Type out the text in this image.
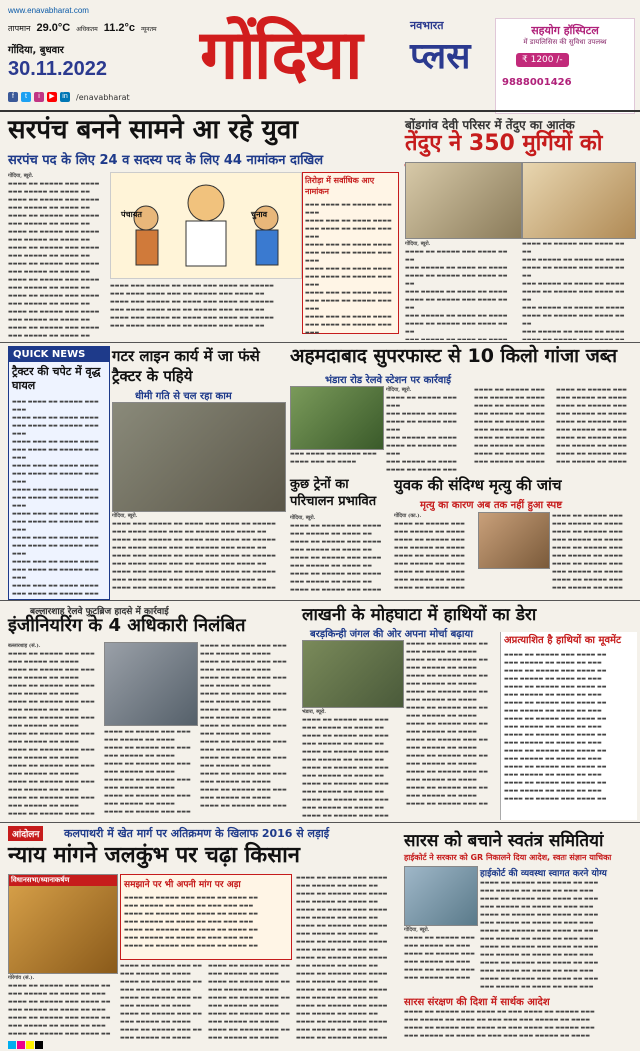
www.enavabharat.com
तापमान 29.0°C अधिकतम 11.2°c न्यूनतम
गोंदिया, बुधवार
30.11.2022
f	t	i	▶	in /enavabharat
गोंदिया	नवभारत
प्लस
सहयोग हॉस्पिटल
में डायलिसिस की सुविधा उपलब्ध
₹ 1200 /-
9888001426
सरपंच बनने सामने आ रहे युवा
सरपंच पद के लिए 24 व सदस्य पद के लिए 44 नामांकन दाखिल
गोंदिया, ब्यूरो.
▬▬▬▬ ▬▬ ▬▬▬▬▬ ▬▬▬ ▬▬▬▬
▬▬▬ ▬▬▬▬▬ ▬▬ ▬▬▬▬ ▬▬
▬▬▬▬ ▬▬ ▬▬▬▬▬ ▬▬▬ ▬▬▬▬
▬▬▬ ▬▬▬▬▬ ▬▬ ▬▬▬▬ ▬▬
▬▬▬▬ ▬▬ ▬▬▬▬▬ ▬▬▬ ▬▬▬▬
▬▬▬ ▬▬▬▬▬ ▬▬ ▬▬▬▬ ▬▬
▬▬▬▬ ▬▬ ▬▬▬▬▬ ▬▬▬ ▬▬▬▬
▬▬▬ ▬▬▬▬▬ ▬▬ ▬▬▬▬ ▬▬
▬▬▬▬ ▬▬ ▬▬▬▬▬ ▬▬▬ ▬▬▬▬
▬▬▬ ▬▬▬▬▬ ▬▬ ▬▬▬▬ ▬▬
▬▬▬▬ ▬▬ ▬▬▬▬▬ ▬▬▬ ▬▬▬▬
▬▬▬ ▬▬▬▬▬ ▬▬ ▬▬▬▬ ▬▬
▬▬▬▬ ▬▬ ▬▬▬▬▬ ▬▬▬ ▬▬▬▬
▬▬▬ ▬▬▬▬▬ ▬▬ ▬▬▬▬ ▬▬
▬▬▬▬ ▬▬ ▬▬▬▬▬ ▬▬▬ ▬▬▬▬
▬▬▬ ▬▬▬▬▬ ▬▬ ▬▬▬▬ ▬▬
▬▬▬▬ ▬▬ ▬▬▬▬▬ ▬▬▬ ▬▬▬▬
▬▬▬ ▬▬▬▬▬ ▬▬ ▬▬▬▬ ▬▬
▬▬▬▬ ▬▬ ▬▬▬▬▬ ▬▬▬ ▬▬▬▬
▬▬▬ ▬▬▬▬▬ ▬▬ ▬▬▬▬ ▬▬
पंचायत	चुनाव
तिरोड़ा में सर्वाधिक आए नामांकन
▬▬▬ ▬▬▬▬ ▬▬ ▬▬▬▬▬ ▬▬▬ ▬▬▬
▬▬▬▬ ▬▬▬ ▬▬ ▬▬▬▬ ▬▬▬▬
▬▬▬ ▬▬▬▬ ▬▬ ▬▬▬▬▬ ▬▬▬ ▬▬▬
▬▬▬▬ ▬▬▬ ▬▬ ▬▬▬▬ ▬▬▬▬
▬▬▬ ▬▬▬▬ ▬▬ ▬▬▬▬▬ ▬▬▬ ▬▬▬
▬▬▬▬ ▬▬▬ ▬▬ ▬▬▬▬ ▬▬▬▬
▬▬▬ ▬▬▬▬ ▬▬ ▬▬▬▬▬ ▬▬▬ ▬▬▬
▬▬▬▬ ▬▬▬ ▬▬ ▬▬▬▬ ▬▬▬▬
▬▬▬ ▬▬▬▬ ▬▬ ▬▬▬▬▬ ▬▬▬ ▬▬▬
▬▬▬▬ ▬▬▬ ▬▬ ▬▬▬▬ ▬▬▬▬
▬▬▬ ▬▬▬▬ ▬▬ ▬▬▬▬▬ ▬▬▬ ▬▬▬
▬▬▬▬ ▬▬▬ ▬▬▬▬▬ ▬▬ ▬▬▬▬ ▬▬▬ ▬▬▬▬ ▬▬ ▬▬▬▬▬
▬▬▬ ▬▬▬▬ ▬▬▬▬ ▬▬▬ ▬▬ ▬▬▬▬▬ ▬▬▬ ▬▬▬▬ ▬▬
▬▬▬▬ ▬▬▬ ▬▬▬▬▬ ▬▬ ▬▬▬▬ ▬▬▬ ▬▬▬▬ ▬▬ ▬▬▬▬▬
▬▬▬ ▬▬▬▬ ▬▬▬▬ ▬▬▬ ▬▬ ▬▬▬▬▬ ▬▬▬ ▬▬▬▬ ▬▬
▬▬▬▬ ▬▬▬ ▬▬▬▬▬ ▬▬ ▬▬▬▬ ▬▬▬ ▬▬▬▬ ▬▬ ▬▬▬▬▬
▬▬▬ ▬▬▬▬ ▬▬▬▬ ▬▬▬ ▬▬ ▬▬▬▬▬ ▬▬▬ ▬▬▬▬ ▬▬
बोंडगांव देवी परिसर में तेंदुए का आतंक
तेंदुए ने 350 मुर्गियों को
गोंदिया, ब्यूरो.
▬▬▬▬ ▬▬ ▬▬▬▬▬ ▬▬▬ ▬▬▬▬ ▬▬ ▬▬
▬▬▬ ▬▬▬▬▬ ▬▬ ▬▬▬▬ ▬▬ ▬▬▬▬
▬▬▬▬ ▬▬ ▬▬▬▬▬ ▬▬▬ ▬▬▬▬ ▬▬ ▬▬
▬▬▬ ▬▬▬▬▬ ▬▬ ▬▬▬▬ ▬▬ ▬▬▬▬
▬▬▬▬ ▬▬ ▬▬▬▬▬ ▬▬▬ ▬▬▬▬ ▬▬ ▬▬
▬▬▬ ▬▬▬▬▬ ▬▬ ▬▬▬▬ ▬▬ ▬▬▬▬
▬▬▬▬ ▬▬ ▬▬▬▬▬ ▬▬▬ ▬▬▬▬ ▬▬ ▬▬
▬▬▬ ▬▬▬▬▬ ▬▬ ▬▬▬▬ ▬▬ ▬▬▬▬
▬▬▬▬ ▬▬ ▬▬▬▬▬ ▬▬▬ ▬▬▬▬ ▬▬ ▬▬
▬▬▬ ▬▬▬▬▬ ▬▬ ▬▬▬▬ ▬▬ ▬▬▬▬
▬▬▬▬ ▬▬ ▬▬▬▬▬ ▬▬▬ ▬▬▬▬ ▬▬ ▬▬
▬▬▬ ▬▬▬▬▬ ▬▬ ▬▬▬▬ ▬▬ ▬▬▬▬
▬▬▬▬ ▬▬ ▬▬▬▬▬ ▬▬▬ ▬▬▬▬ ▬▬ ▬▬
▬▬▬ ▬▬▬▬▬ ▬▬ ▬▬▬▬ ▬▬ ▬▬▬▬
▬▬▬▬ ▬▬ ▬▬▬▬▬ ▬▬▬ ▬▬▬▬ ▬▬ ▬▬
▬▬▬ ▬▬▬▬▬ ▬▬ ▬▬▬▬ ▬▬ ▬▬▬▬
▬▬▬▬ ▬▬ ▬▬▬▬▬ ▬▬▬ ▬▬▬▬ ▬▬
QUICK NEWS
ट्रैक्टर की चपेट में वृद्ध घायल
▬▬▬ ▬▬▬▬ ▬▬ ▬▬▬▬▬ ▬▬▬ ▬▬▬
▬▬▬▬ ▬▬▬ ▬▬ ▬▬▬▬ ▬▬▬▬
▬▬▬ ▬▬▬▬ ▬▬ ▬▬▬▬▬ ▬▬▬ ▬▬▬
▬▬▬▬ ▬▬▬ ▬▬ ▬▬▬▬ ▬▬▬▬
▬▬▬ ▬▬▬▬ ▬▬ ▬▬▬▬▬ ▬▬▬ ▬▬▬
▬▬▬▬ ▬▬▬ ▬▬ ▬▬▬▬ ▬▬▬▬
▬▬▬ ▬▬▬▬ ▬▬ ▬▬▬▬▬ ▬▬▬ ▬▬▬
▬▬▬▬ ▬▬▬ ▬▬ ▬▬▬▬ ▬▬▬▬
▬▬▬ ▬▬▬▬ ▬▬ ▬▬▬▬▬ ▬▬▬ ▬▬▬
▬▬▬▬ ▬▬▬ ▬▬ ▬▬▬▬ ▬▬▬▬
▬▬▬ ▬▬▬▬ ▬▬ ▬▬▬▬▬ ▬▬▬ ▬▬▬
▬▬▬▬ ▬▬▬ ▬▬ ▬▬▬▬ ▬▬▬▬
▬▬▬ ▬▬▬▬ ▬▬ ▬▬▬▬▬ ▬▬▬ ▬▬▬
▬▬▬▬ ▬▬▬ ▬▬ ▬▬▬▬ ▬▬▬▬
▬▬▬ ▬▬▬▬ ▬▬ ▬▬▬▬▬ ▬▬▬ ▬▬▬
▬▬▬▬ ▬▬▬ ▬▬ ▬▬▬▬ ▬▬▬▬
▬▬▬ ▬▬▬▬ ▬▬ ▬▬▬▬▬ ▬▬▬
गटर लाइन कार्य में जा फंसे ट्रैक्टर के पहिये
धीमी गति से चल रहा काम
गोंदिया, ब्यूरो.
▬▬▬▬ ▬▬▬ ▬▬▬▬▬ ▬▬ ▬▬▬▬ ▬▬▬ ▬▬▬▬ ▬▬ ▬▬▬▬▬
▬▬▬ ▬▬▬▬ ▬▬▬▬ ▬▬▬ ▬▬ ▬▬▬▬▬ ▬▬▬ ▬▬▬▬ ▬▬
▬▬▬▬ ▬▬▬ ▬▬▬▬▬ ▬▬ ▬▬▬▬ ▬▬▬ ▬▬▬▬ ▬▬ ▬▬▬▬▬
▬▬▬ ▬▬▬▬ ▬▬▬▬ ▬▬▬ ▬▬ ▬▬▬▬▬ ▬▬▬ ▬▬▬▬ ▬▬
▬▬▬▬ ▬▬▬ ▬▬▬▬▬ ▬▬ ▬▬▬▬ ▬▬▬ ▬▬▬▬ ▬▬ ▬▬▬▬▬
▬▬▬ ▬▬▬▬ ▬▬▬▬ ▬▬▬ ▬▬ ▬▬▬▬▬ ▬▬▬ ▬▬▬▬ ▬▬
▬▬▬▬ ▬▬▬ ▬▬▬▬▬ ▬▬ ▬▬▬▬ ▬▬▬ ▬▬▬▬ ▬▬ ▬▬▬▬▬
▬▬▬ ▬▬▬▬ ▬▬▬▬ ▬▬▬ ▬▬ ▬▬▬▬▬ ▬▬▬ ▬▬▬▬ ▬▬
▬▬▬▬ ▬▬▬ ▬▬▬▬▬ ▬▬ ▬▬▬▬ ▬▬▬ ▬▬▬▬ ▬▬ ▬▬▬▬▬
अहमदाबाद सुपरफास्ट से 10 किलो गांजा जब्त
भंडारा रोड रेलवे स्टेशन पर कार्रवाई
▬▬▬ ▬▬▬▬ ▬▬ ▬▬▬▬▬ ▬▬▬
▬▬▬▬ ▬▬▬ ▬▬ ▬▬▬▬
गोंदिया, ब्यूरो.
▬▬▬▬ ▬▬ ▬▬▬▬▬ ▬▬▬ ▬▬▬
▬▬▬ ▬▬▬▬▬ ▬▬ ▬▬▬▬
▬▬▬▬ ▬▬ ▬▬▬▬▬ ▬▬▬ ▬▬▬
▬▬▬ ▬▬▬▬▬ ▬▬ ▬▬▬▬
▬▬▬▬ ▬▬ ▬▬▬▬▬ ▬▬▬ ▬▬▬
▬▬▬ ▬▬▬▬▬ ▬▬ ▬▬▬▬
▬▬▬▬ ▬▬ ▬▬▬▬▬ ▬▬▬
▬▬▬▬ ▬▬ ▬▬▬▬▬ ▬▬▬
▬▬▬ ▬▬▬▬▬ ▬▬ ▬▬▬▬
▬▬▬▬ ▬▬ ▬▬▬▬▬ ▬▬▬
▬▬▬ ▬▬▬▬▬ ▬▬ ▬▬▬▬
▬▬▬▬ ▬▬ ▬▬▬▬▬ ▬▬▬
▬▬▬ ▬▬▬▬▬ ▬▬ ▬▬▬▬
▬▬▬▬ ▬▬ ▬▬▬▬▬ ▬▬▬
▬▬▬ ▬▬▬▬▬ ▬▬ ▬▬▬▬
▬▬▬▬ ▬▬ ▬▬▬▬▬ ▬▬▬
▬▬▬ ▬▬▬▬▬ ▬▬ ▬▬▬▬
▬▬▬▬ ▬▬ ▬▬▬▬▬ ▬▬▬
▬▬▬ ▬▬▬▬▬ ▬▬ ▬▬▬▬
▬▬▬▬ ▬▬ ▬▬▬▬▬ ▬▬▬
▬▬▬ ▬▬▬▬▬ ▬▬ ▬▬▬▬
▬▬▬▬ ▬▬ ▬▬▬▬▬ ▬▬▬
▬▬▬ ▬▬▬▬▬ ▬▬ ▬▬▬▬
▬▬▬▬ ▬▬ ▬▬▬▬▬ ▬▬▬
▬▬▬ ▬▬▬▬▬ ▬▬ ▬▬▬▬
▬▬▬▬ ▬▬ ▬▬▬▬▬ ▬▬▬
▬▬▬ ▬▬▬▬▬ ▬▬ ▬▬▬▬
कुछ ट्रेनों का परिचालन प्रभावित
गोंदिया, ब्यूरो.
▬▬▬▬ ▬▬ ▬▬▬▬▬ ▬▬▬ ▬▬▬▬
▬▬▬ ▬▬▬▬▬ ▬▬ ▬▬▬▬ ▬▬
▬▬▬▬ ▬▬ ▬▬▬▬▬ ▬▬▬ ▬▬▬▬
▬▬▬ ▬▬▬▬▬ ▬▬ ▬▬▬▬ ▬▬
▬▬▬▬ ▬▬ ▬▬▬▬▬ ▬▬▬ ▬▬▬▬
▬▬▬ ▬▬▬▬▬ ▬▬ ▬▬▬▬ ▬▬
▬▬▬▬ ▬▬ ▬▬▬▬▬ ▬▬▬ ▬▬▬▬
▬▬▬ ▬▬▬▬▬ ▬▬ ▬▬▬▬ ▬▬
▬▬▬▬ ▬▬ ▬▬▬▬▬ ▬▬▬ ▬▬▬▬
युवक की संदिग्ध मृत्यु की जांच
मृत्यु का कारण अब तक नहीं हुआ स्पष्ट
गोंदिया (का.).
▬▬▬▬ ▬▬ ▬▬▬▬▬ ▬▬▬
▬▬▬ ▬▬▬▬▬ ▬▬ ▬▬▬▬
▬▬▬▬ ▬▬ ▬▬▬▬▬ ▬▬▬
▬▬▬ ▬▬▬▬▬ ▬▬ ▬▬▬▬
▬▬▬▬ ▬▬ ▬▬▬▬▬ ▬▬▬
▬▬▬ ▬▬▬▬▬ ▬▬ ▬▬▬▬
▬▬▬▬ ▬▬ ▬▬▬▬▬ ▬▬▬
▬▬▬ ▬▬▬▬▬ ▬▬ ▬▬▬▬
▬▬▬▬ ▬▬ ▬▬▬▬▬ ▬▬▬
▬▬▬▬ ▬▬ ▬▬▬▬▬ ▬▬▬
▬▬▬ ▬▬▬▬▬ ▬▬ ▬▬▬▬
▬▬▬▬ ▬▬ ▬▬▬▬▬ ▬▬▬
▬▬▬ ▬▬▬▬▬ ▬▬ ▬▬▬▬
▬▬▬▬ ▬▬ ▬▬▬▬▬ ▬▬▬
▬▬▬ ▬▬▬▬▬ ▬▬ ▬▬▬▬
▬▬▬▬ ▬▬ ▬▬▬▬▬ ▬▬▬
▬▬▬ ▬▬▬▬▬ ▬▬ ▬▬▬▬
▬▬▬▬ ▬▬ ▬▬▬▬▬ ▬▬▬
▬▬▬ ▬▬▬▬▬ ▬▬ ▬▬▬▬
बल्लारशाह रेलवे फुटब्रिज हादसे में कार्रवाई
इंजीनियरिंग के 4 अधिकारी निलंबित
बल्लारशाह (सं.).
▬▬▬▬ ▬▬ ▬▬▬▬▬ ▬▬▬ ▬▬▬
▬▬▬ ▬▬▬▬▬ ▬▬ ▬▬▬▬
▬▬▬▬ ▬▬ ▬▬▬▬▬ ▬▬▬ ▬▬▬
▬▬▬ ▬▬▬▬▬ ▬▬ ▬▬▬▬
▬▬▬▬ ▬▬ ▬▬▬▬▬ ▬▬▬ ▬▬▬
▬▬▬ ▬▬▬▬▬ ▬▬ ▬▬▬▬
▬▬▬▬ ▬▬ ▬▬▬▬▬ ▬▬▬ ▬▬▬
▬▬▬ ▬▬▬▬▬ ▬▬ ▬▬▬▬
▬▬▬▬ ▬▬ ▬▬▬▬▬ ▬▬▬ ▬▬▬
▬▬▬ ▬▬▬▬▬ ▬▬ ▬▬▬▬
▬▬▬▬ ▬▬ ▬▬▬▬▬ ▬▬▬ ▬▬▬
▬▬▬ ▬▬▬▬▬ ▬▬ ▬▬▬▬
▬▬▬▬ ▬▬ ▬▬▬▬▬ ▬▬▬ ▬▬▬
▬▬▬ ▬▬▬▬▬ ▬▬ ▬▬▬▬
▬▬▬▬ ▬▬ ▬▬▬▬▬ ▬▬▬ ▬▬▬
▬▬▬ ▬▬▬▬▬ ▬▬ ▬▬▬▬
▬▬▬▬ ▬▬ ▬▬▬▬▬ ▬▬▬ ▬▬▬
▬▬▬ ▬▬▬▬▬ ▬▬ ▬▬▬▬
▬▬▬▬ ▬▬ ▬▬▬▬▬ ▬▬▬ ▬▬▬
▬▬▬ ▬▬▬▬▬ ▬▬ ▬▬▬▬
▬▬▬▬ ▬▬ ▬▬▬▬▬ ▬▬▬ ▬▬▬
▬▬▬▬ ▬▬ ▬▬▬▬▬ ▬▬▬ ▬▬▬
▬▬▬ ▬▬▬▬▬ ▬▬ ▬▬▬▬
▬▬▬▬ ▬▬ ▬▬▬▬▬ ▬▬▬ ▬▬▬
▬▬▬ ▬▬▬▬▬ ▬▬ ▬▬▬▬
▬▬▬▬ ▬▬ ▬▬▬▬▬ ▬▬▬ ▬▬▬
▬▬▬ ▬▬▬▬▬ ▬▬ ▬▬▬▬
▬▬▬▬ ▬▬ ▬▬▬▬▬ ▬▬▬ ▬▬▬
▬▬▬ ▬▬▬▬▬ ▬▬ ▬▬▬▬
▬▬▬▬ ▬▬ ▬▬▬▬▬ ▬▬▬ ▬▬▬
▬▬▬ ▬▬▬▬▬ ▬▬ ▬▬▬▬
▬▬▬▬ ▬▬ ▬▬▬▬▬ ▬▬▬ ▬▬▬
▬▬▬▬ ▬▬ ▬▬▬▬▬ ▬▬▬ ▬▬▬
▬▬▬ ▬▬▬▬▬ ▬▬ ▬▬▬▬
▬▬▬▬ ▬▬ ▬▬▬▬▬ ▬▬▬ ▬▬▬
▬▬▬ ▬▬▬▬▬ ▬▬ ▬▬▬▬
▬▬▬▬ ▬▬ ▬▬▬▬▬ ▬▬▬ ▬▬▬
▬▬▬ ▬▬▬▬▬ ▬▬ ▬▬▬▬
▬▬▬▬ ▬▬ ▬▬▬▬▬ ▬▬▬ ▬▬▬
▬▬▬ ▬▬▬▬▬ ▬▬ ▬▬▬▬
▬▬▬▬ ▬▬ ▬▬▬▬▬ ▬▬▬ ▬▬▬
▬▬▬ ▬▬▬▬▬ ▬▬ ▬▬▬▬
▬▬▬▬ ▬▬ ▬▬▬▬▬ ▬▬▬ ▬▬▬
▬▬▬ ▬▬▬▬▬ ▬▬ ▬▬▬▬
▬▬▬▬ ▬▬ ▬▬▬▬▬ ▬▬▬ ▬▬▬
▬▬▬ ▬▬▬▬▬ ▬▬ ▬▬▬▬
▬▬▬▬ ▬▬ ▬▬▬▬▬ ▬▬▬ ▬▬▬
▬▬▬ ▬▬▬▬▬ ▬▬ ▬▬▬▬
▬▬▬▬ ▬▬ ▬▬▬▬▬ ▬▬▬ ▬▬▬
▬▬▬ ▬▬▬▬▬ ▬▬ ▬▬▬▬
▬▬▬▬ ▬▬ ▬▬▬▬▬ ▬▬▬ ▬▬▬
▬▬▬ ▬▬▬▬▬ ▬▬ ▬▬▬▬
▬▬▬▬ ▬▬ ▬▬▬▬▬ ▬▬▬ ▬▬▬
लाखनी के मोहघाटा में हाथियों का डेरा
बरड़किन्ही जंगल की ओर अपना मोर्चा बढ़ाया
भंडारा, ब्यूरो.
▬▬▬▬ ▬▬ ▬▬▬▬▬ ▬▬▬ ▬▬▬
▬▬▬ ▬▬▬▬▬ ▬▬ ▬▬▬▬ ▬▬
▬▬▬▬ ▬▬ ▬▬▬▬▬ ▬▬▬ ▬▬▬
▬▬▬ ▬▬▬▬▬ ▬▬ ▬▬▬▬ ▬▬
▬▬▬▬ ▬▬ ▬▬▬▬▬ ▬▬▬ ▬▬▬
▬▬▬ ▬▬▬▬▬ ▬▬ ▬▬▬▬ ▬▬
▬▬▬▬ ▬▬ ▬▬▬▬▬ ▬▬▬ ▬▬▬
▬▬▬ ▬▬▬▬▬ ▬▬ ▬▬▬▬ ▬▬
▬▬▬▬ ▬▬ ▬▬▬▬▬ ▬▬▬ ▬▬▬
▬▬▬ ▬▬▬▬▬ ▬▬ ▬▬▬▬ ▬▬
▬▬▬▬ ▬▬ ▬▬▬▬▬ ▬▬▬ ▬▬▬
▬▬▬ ▬▬▬▬▬ ▬▬ ▬▬▬▬ ▬▬
▬▬▬▬ ▬▬ ▬▬▬▬▬ ▬▬▬ ▬▬▬
▬▬▬▬ ▬▬ ▬▬▬▬▬ ▬▬▬ ▬▬
▬▬▬ ▬▬▬▬▬ ▬▬ ▬▬▬▬
▬▬▬▬ ▬▬ ▬▬▬▬▬ ▬▬▬ ▬▬
▬▬▬ ▬▬▬▬▬ ▬▬ ▬▬▬▬
▬▬▬▬ ▬▬ ▬▬▬▬▬ ▬▬▬ ▬▬
▬▬▬ ▬▬▬▬▬ ▬▬ ▬▬▬▬
▬▬▬▬ ▬▬ ▬▬▬▬▬ ▬▬▬ ▬▬
▬▬▬ ▬▬▬▬▬ ▬▬ ▬▬▬▬
▬▬▬▬ ▬▬ ▬▬▬▬▬ ▬▬▬ ▬▬
▬▬▬ ▬▬▬▬▬ ▬▬ ▬▬▬▬
▬▬▬▬ ▬▬ ▬▬▬▬▬ ▬▬▬ ▬▬
▬▬▬ ▬▬▬▬▬ ▬▬ ▬▬▬▬
▬▬▬▬ ▬▬ ▬▬▬▬▬ ▬▬▬ ▬▬
▬▬▬ ▬▬▬▬▬ ▬▬ ▬▬▬▬
▬▬▬▬ ▬▬ ▬▬▬▬▬ ▬▬▬ ▬▬
▬▬▬ ▬▬▬▬▬ ▬▬ ▬▬▬▬
▬▬▬▬ ▬▬ ▬▬▬▬▬ ▬▬▬ ▬▬
▬▬▬ ▬▬▬▬▬ ▬▬ ▬▬▬▬
▬▬▬▬ ▬▬ ▬▬▬▬▬ ▬▬▬ ▬▬
▬▬▬ ▬▬▬▬▬ ▬▬ ▬▬▬▬
▬▬▬▬ ▬▬ ▬▬▬▬▬ ▬▬▬ ▬▬
अप्रत्याशित है हाथियों का मूवमेंट
▬▬▬▬ ▬▬ ▬▬▬▬▬ ▬▬▬ ▬▬▬▬ ▬▬
▬▬▬ ▬▬▬▬▬ ▬▬ ▬▬▬▬ ▬▬ ▬▬▬
▬▬▬▬ ▬▬ ▬▬▬▬▬ ▬▬▬ ▬▬▬▬ ▬▬
▬▬▬ ▬▬▬▬▬ ▬▬ ▬▬▬▬ ▬▬ ▬▬▬
▬▬▬▬ ▬▬ ▬▬▬▬▬ ▬▬▬ ▬▬▬▬ ▬▬
▬▬▬ ▬▬▬▬▬ ▬▬ ▬▬▬▬ ▬▬ ▬▬▬
▬▬▬▬ ▬▬ ▬▬▬▬▬ ▬▬▬ ▬▬▬▬ ▬▬
▬▬▬ ▬▬▬▬▬ ▬▬ ▬▬▬▬ ▬▬ ▬▬▬
▬▬▬▬ ▬▬ ▬▬▬▬▬ ▬▬▬ ▬▬▬▬ ▬▬
▬▬▬ ▬▬▬▬▬ ▬▬ ▬▬▬▬ ▬▬ ▬▬▬
▬▬▬▬ ▬▬ ▬▬▬▬▬ ▬▬▬ ▬▬▬▬ ▬▬
▬▬▬ ▬▬▬▬▬ ▬▬ ▬▬▬▬ ▬▬ ▬▬▬
▬▬▬▬ ▬▬ ▬▬▬▬▬ ▬▬▬ ▬▬▬▬ ▬▬
▬▬▬ ▬▬▬▬▬ ▬▬ ▬▬▬▬ ▬▬ ▬▬▬
▬▬▬▬ ▬▬ ▬▬▬▬▬ ▬▬▬ ▬▬▬▬ ▬▬
▬▬▬ ▬▬▬▬▬ ▬▬ ▬▬▬▬ ▬▬ ▬▬▬
▬▬▬▬ ▬▬ ▬▬▬▬▬ ▬▬▬ ▬▬▬▬ ▬▬
▬▬▬ ▬▬▬▬▬ ▬▬ ▬▬▬▬ ▬▬ ▬▬▬
▬▬▬▬ ▬▬ ▬▬▬▬▬ ▬▬▬ ▬▬▬▬ ▬▬
आंदोलन	कलपाथरी में खेत मार्ग पर अतिक्रमण के खिलाफ 2016 से लड़ाई
न्याय मांगने जलकुंभ पर चढ़ा किसान
विधानसभा/ध्यानाकर्षण
गोरेगांव (सं.).
▬▬▬▬ ▬▬ ▬▬▬▬▬ ▬▬▬ ▬▬▬▬ ▬▬
▬▬▬ ▬▬▬▬▬ ▬▬ ▬▬▬▬ ▬▬ ▬▬▬
▬▬▬▬ ▬▬ ▬▬▬▬▬ ▬▬▬ ▬▬▬▬ ▬▬
▬▬▬ ▬▬▬▬▬ ▬▬ ▬▬▬▬ ▬▬ ▬▬▬
▬▬▬▬ ▬▬ ▬▬▬▬▬ ▬▬▬ ▬▬▬▬ ▬▬
▬▬▬ ▬▬▬▬▬ ▬▬ ▬▬▬▬ ▬▬ ▬▬▬
▬▬▬▬ ▬▬ ▬▬▬▬▬ ▬▬▬ ▬▬▬▬ ▬▬
समझाने पर भी अपनी मांग पर अड़ा
▬▬▬▬ ▬▬ ▬▬▬▬▬ ▬▬▬ ▬▬▬▬ ▬▬ ▬▬▬▬ ▬▬
▬▬▬ ▬▬▬▬▬ ▬▬ ▬▬▬▬ ▬▬ ▬▬▬ ▬▬▬ ▬▬▬
▬▬▬▬ ▬▬ ▬▬▬▬▬ ▬▬▬ ▬▬▬▬ ▬▬ ▬▬▬▬ ▬▬
▬▬▬ ▬▬▬▬▬ ▬▬ ▬▬▬▬ ▬▬ ▬▬▬ ▬▬▬ ▬▬▬
▬▬▬▬ ▬▬ ▬▬▬▬▬ ▬▬▬ ▬▬▬▬ ▬▬ ▬▬▬▬ ▬▬
▬▬▬ ▬▬▬▬▬ ▬▬ ▬▬▬▬ ▬▬ ▬▬▬ ▬▬▬ ▬▬▬
▬▬▬▬ ▬▬ ▬▬▬▬▬ ▬▬▬ ▬▬▬▬ ▬▬ ▬▬▬▬ ▬▬
▬▬▬▬ ▬▬ ▬▬▬▬▬ ▬▬▬ ▬▬
▬▬▬ ▬▬▬▬▬ ▬▬ ▬▬▬▬
▬▬▬▬ ▬▬ ▬▬▬▬▬ ▬▬▬ ▬▬
▬▬▬ ▬▬▬▬▬ ▬▬ ▬▬▬▬
▬▬▬▬ ▬▬ ▬▬▬▬▬ ▬▬▬ ▬▬
▬▬▬ ▬▬▬▬▬ ▬▬ ▬▬▬▬
▬▬▬▬ ▬▬ ▬▬▬▬▬ ▬▬▬ ▬▬
▬▬▬ ▬▬▬▬▬ ▬▬ ▬▬▬▬
▬▬▬▬ ▬▬ ▬▬▬▬▬ ▬▬▬ ▬▬
▬▬▬ ▬▬▬▬▬ ▬▬ ▬▬▬▬
▬▬▬▬ ▬▬ ▬▬▬▬▬ ▬▬▬ ▬▬
▬▬▬ ▬▬▬▬▬ ▬▬ ▬▬▬▬
▬▬▬▬ ▬▬ ▬▬▬▬▬ ▬▬▬ ▬▬
▬▬▬ ▬▬▬▬▬ ▬▬ ▬▬▬▬
▬▬▬▬ ▬▬ ▬▬▬▬▬ ▬▬▬ ▬▬
▬▬▬ ▬▬▬▬▬ ▬▬ ▬▬▬▬
▬▬▬▬ ▬▬ ▬▬▬▬▬ ▬▬▬ ▬▬
▬▬▬ ▬▬▬▬▬ ▬▬ ▬▬▬▬
▬▬▬▬ ▬▬ ▬▬▬▬▬ ▬▬▬ ▬▬
▬▬▬ ▬▬▬▬▬ ▬▬ ▬▬▬▬
▬▬▬▬ ▬▬ ▬▬▬▬▬ ▬▬▬ ▬▬▬▬
▬▬▬ ▬▬▬▬▬ ▬▬ ▬▬▬▬ ▬▬
▬▬▬▬ ▬▬ ▬▬▬▬▬ ▬▬▬ ▬▬▬▬
▬▬▬ ▬▬▬▬▬ ▬▬ ▬▬▬▬ ▬▬
▬▬▬▬ ▬▬ ▬▬▬▬▬ ▬▬▬ ▬▬▬▬
▬▬▬ ▬▬▬▬▬ ▬▬ ▬▬▬▬ ▬▬
▬▬▬▬ ▬▬ ▬▬▬▬▬ ▬▬▬ ▬▬▬▬
▬▬▬ ▬▬▬▬▬ ▬▬ ▬▬▬▬ ▬▬
▬▬▬▬ ▬▬ ▬▬▬▬▬ ▬▬▬ ▬▬▬▬
▬▬▬ ▬▬▬▬▬ ▬▬ ▬▬▬▬ ▬▬
▬▬▬▬ ▬▬ ▬▬▬▬▬ ▬▬▬ ▬▬▬▬
▬▬▬ ▬▬▬▬▬ ▬▬ ▬▬▬▬ ▬▬
▬▬▬▬ ▬▬ ▬▬▬▬▬ ▬▬▬ ▬▬▬▬
▬▬▬ ▬▬▬▬▬ ▬▬ ▬▬▬▬ ▬▬
▬▬▬▬ ▬▬ ▬▬▬▬▬ ▬▬▬ ▬▬▬▬
▬▬▬ ▬▬▬▬▬ ▬▬ ▬▬▬▬ ▬▬
▬▬▬▬ ▬▬ ▬▬▬▬▬ ▬▬▬ ▬▬▬▬
▬▬▬ ▬▬▬▬▬ ▬▬ ▬▬▬▬ ▬▬
▬▬▬▬ ▬▬ ▬▬▬▬▬ ▬▬▬ ▬▬▬▬
▬▬▬ ▬▬▬▬▬ ▬▬ ▬▬▬▬ ▬▬
▬▬▬▬ ▬▬ ▬▬▬▬▬ ▬▬▬ ▬▬▬▬
सारस को बचाने स्वतंत्र समितियां
हाईकोर्ट ने सरकार को GR निकालने दिया आदेश, स्वतः संज्ञान याचिका
गोंदिया, ब्यूरो.
▬▬▬▬ ▬▬ ▬▬▬▬▬ ▬▬▬
▬▬▬ ▬▬▬▬▬ ▬▬ ▬▬▬
▬▬▬▬ ▬▬ ▬▬▬▬▬ ▬▬▬
▬▬▬ ▬▬▬▬▬ ▬▬ ▬▬▬
▬▬▬▬ ▬▬ ▬▬▬▬▬ ▬▬▬
▬▬▬ ▬▬▬▬▬ ▬▬ ▬▬▬
हाईकोर्ट की व्यवस्था स्वागत करने योग्य
▬▬▬▬ ▬▬ ▬▬▬▬▬ ▬▬▬ ▬▬▬▬ ▬▬ ▬▬▬
▬▬▬ ▬▬▬▬▬ ▬▬ ▬▬▬▬ ▬▬ ▬▬▬ ▬▬▬
▬▬▬▬ ▬▬ ▬▬▬▬▬ ▬▬▬ ▬▬▬▬ ▬▬ ▬▬▬
▬▬▬ ▬▬▬▬▬ ▬▬ ▬▬▬▬ ▬▬ ▬▬▬ ▬▬▬
▬▬▬▬ ▬▬ ▬▬▬▬▬ ▬▬▬ ▬▬▬▬ ▬▬ ▬▬▬
▬▬▬ ▬▬▬▬▬ ▬▬ ▬▬▬▬ ▬▬ ▬▬▬ ▬▬▬
▬▬▬▬ ▬▬ ▬▬▬▬▬ ▬▬▬ ▬▬▬▬ ▬▬ ▬▬▬
▬▬▬ ▬▬▬▬▬ ▬▬ ▬▬▬▬ ▬▬ ▬▬▬ ▬▬▬
▬▬▬▬ ▬▬ ▬▬▬▬▬ ▬▬▬ ▬▬▬▬ ▬▬ ▬▬▬
▬▬▬ ▬▬▬▬▬ ▬▬ ▬▬▬▬ ▬▬ ▬▬▬ ▬▬▬
▬▬▬▬ ▬▬ ▬▬▬▬▬ ▬▬▬ ▬▬▬▬ ▬▬ ▬▬▬
▬▬▬ ▬▬▬▬▬ ▬▬ ▬▬▬▬ ▬▬ ▬▬▬ ▬▬▬
▬▬▬▬ ▬▬ ▬▬▬▬▬ ▬▬▬ ▬▬▬▬ ▬▬ ▬▬▬
▬▬▬ ▬▬▬▬▬ ▬▬ ▬▬▬▬ ▬▬ ▬▬▬ ▬▬▬
सारस संरक्षण की दिशा में सार्थक आदेश
▬▬▬▬ ▬▬ ▬▬▬▬▬ ▬▬▬ ▬▬▬▬ ▬▬ ▬▬▬ ▬▬▬▬ ▬▬ ▬▬▬▬▬ ▬▬▬
▬▬▬ ▬▬▬▬▬ ▬▬ ▬▬▬▬ ▬▬ ▬▬▬ ▬▬▬ ▬▬▬ ▬▬▬▬▬ ▬▬ ▬▬▬▬
▬▬▬▬ ▬▬ ▬▬▬▬▬ ▬▬▬ ▬▬▬▬ ▬▬ ▬▬▬ ▬▬▬▬ ▬▬ ▬▬▬▬▬ ▬▬▬
▬▬▬ ▬▬▬▬▬ ▬▬ ▬▬▬▬ ▬▬ ▬▬▬ ▬▬▬ ▬▬▬ ▬▬▬▬▬ ▬▬ ▬▬▬▬
